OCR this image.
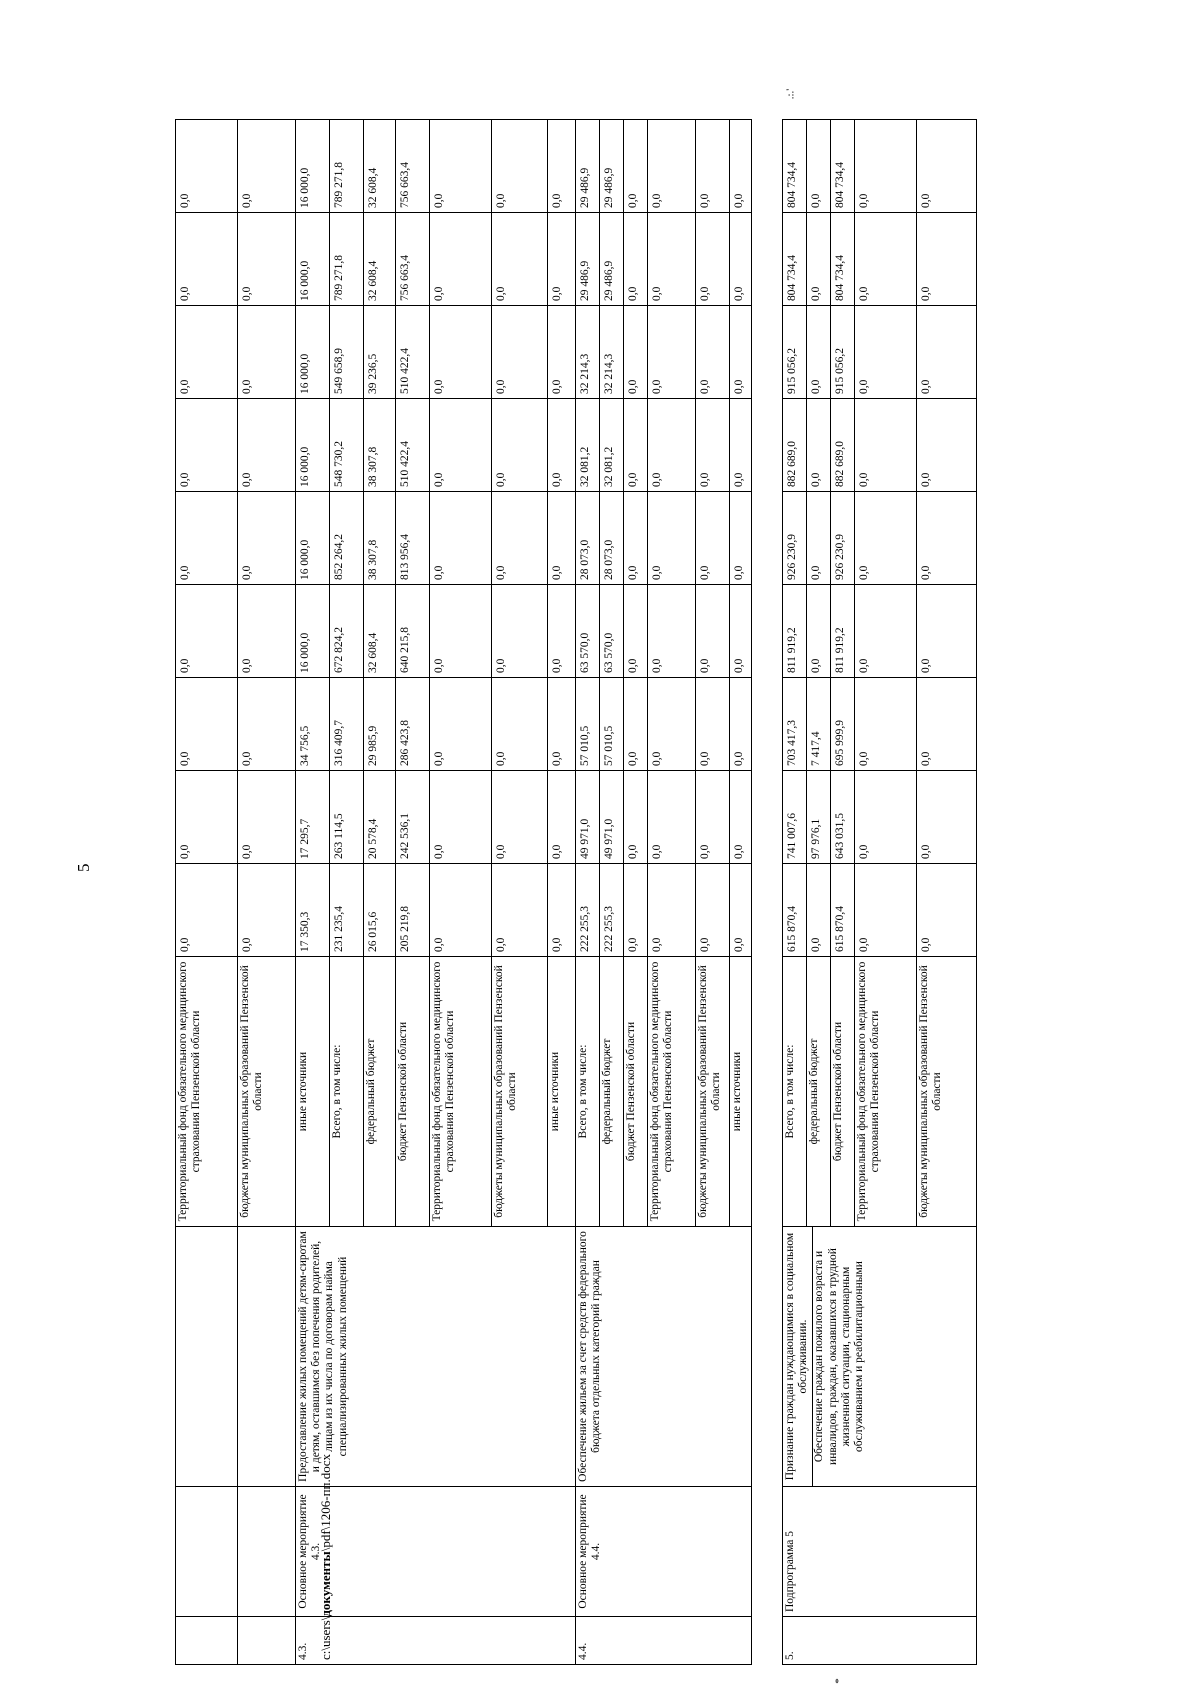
5
.:.'
*
c:\users\документы\pdf\1206-пп.docx
			Территориальный фонд обязательного медицинского страхования Пензенской области	0,0	0,0	0,0	0,0	0,0	0,0	0,0	0,0	0,0
			бюджеты муниципальных образований Пензенской области	0,0	0,0	0,0	0,0	0,0	0,0	0,0	0,0	0,0
4.3.	Основное мероприятие 4.3.	Предоставление жилых помещений детям-сиротам и детям, оставшимся без попечения родителей, лицам из их числа по договорам найма специализированных жилых помещений	иные источники	17 350,3	17 295,7	34 756,5	16 000,0	16 000,0	16 000,0	16 000,0	16 000,0	16 000,0
			Всего, в том числе:	231 235,4	263 114,5	316 409,7	672 824,2	852 264,2	548 730,2	549 658,9	789 271,8	789 271,8
			федеральный бюджет	26 015,6	20 578,4	29 985,9	32 608,4	38 307,8	38 307,8	39 236,5	32 608,4	32 608,4
			бюджет Пензенской области	205 219,8	242 536,1	286 423,8	640 215,8	813 956,4	510 422,4	510 422,4	756 663,4	756 663,4
			Территориальный фонд обязательного медицинского страхования Пензенской области	0,0	0,0	0,0	0,0	0,0	0,0	0,0	0,0	0,0
			бюджеты муниципальных образований Пензенской области	0,0	0,0	0,0	0,0	0,0	0,0	0,0	0,0	0,0
			иные источники	0,0	0,0	0,0	0,0	0,0	0,0	0,0	0,0	0,0
4.4.	Основное мероприятие 4.4.	Обеспечение жильем за счет средств федерального бюджета отдельных категорий граждан	Всего, в том числе:	222 255,3	49 971,0	57 010,5	63 570,0	28 073,0	32 081,2	32 214,3	29 486,9	29 486,9
			федеральный бюджет	222 255,3	49 971,0	57 010,5	63 570,0	28 073,0	32 081,2	32 214,3	29 486,9	29 486,9
			бюджет Пензенской области	0,0	0,0	0,0	0,0	0,0	0,0	0,0	0,0	0,0
			Территориальный фонд обязательного медицинского страхования Пензенской области	0,0	0,0	0,0	0,0	0,0	0,0	0,0	0,0	0,0
			бюджеты муниципальных образований Пензенской области	0,0	0,0	0,0	0,0	0,0	0,0	0,0	0,0	0,0
			иные источники	0,0	0,0	0,0	0,0	0,0	0,0	0,0	0,0	0,0

5.	Подпрограмма 5	Признание граждан нуждающимися в социальном обслуживании. Обеспечение граждан пожилого возраста и инвалидов, граждан, оказавшихся в трудной жизненной ситуации, стационарным обслуживанием и реабилитационными	Всего, в том числе:	615 870,4	741 007,6	703 417,3	811 919,2	926 230,9	882 689,0	915 056,2	804 734,4	804 734,4
			федеральный бюджет	0,0	97 976,1	7 417,4	0,0	0,0	0,0	0,0	0,0	0,0
			бюджет Пензенской области	615 870,4	643 031,5	695 999,9	811 919,2	926 230,9	882 689,0	915 056,2	804 734,4	804 734,4
			Территориальный фонд обязательного медицинского страхования Пензенской области	0,0	0,0	0,0	0,0	0,0	0,0	0,0	0,0	0,0
			бюджеты муниципальных образований Пензенской области	0,0	0,0	0,0	0,0	0,0	0,0	0,0	0,0	0,0
